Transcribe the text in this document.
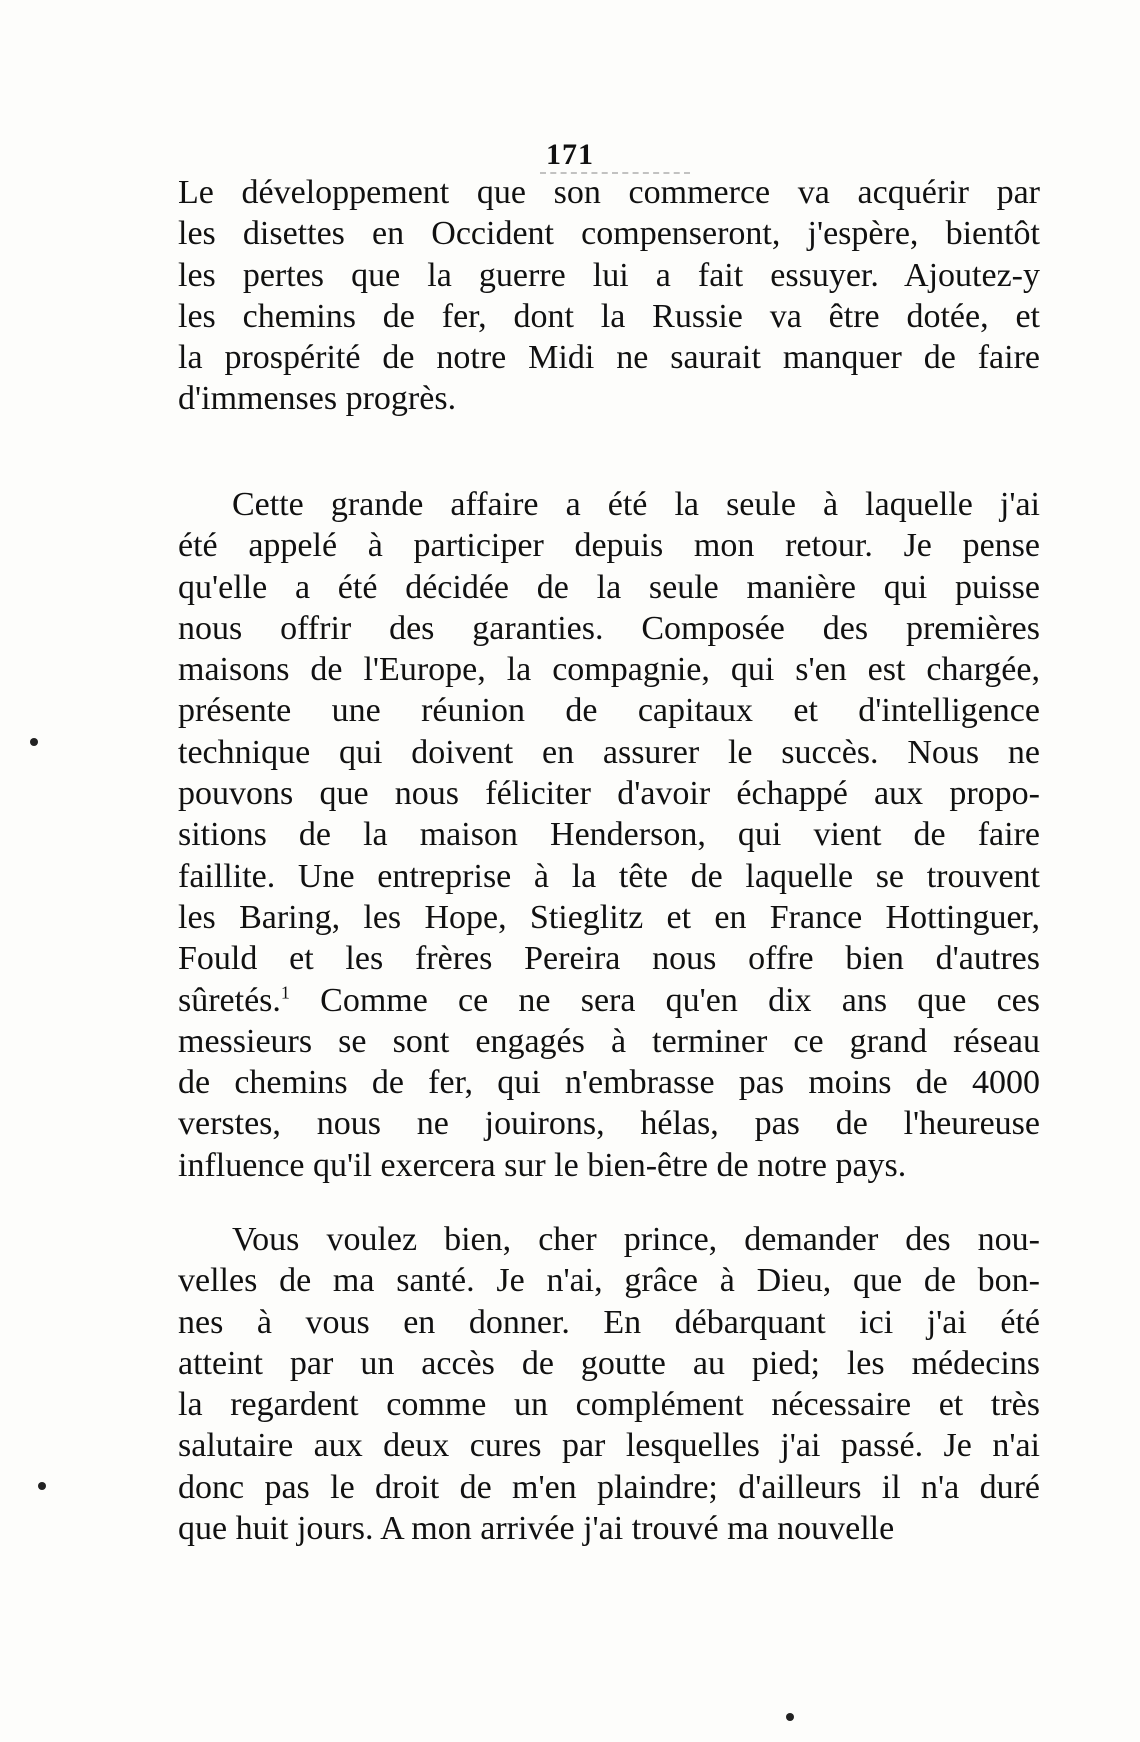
171
Le développement que son commerce va acquérir par
les disettes en Occident compenseront, j'espère, bientôt
les pertes que la guerre lui a fait essuyer. Ajoutez-y
les chemins de fer, dont la Russie va être dotée, et
la prospérité de notre Midi ne saurait manquer de faire
d'immenses progrès.
Cette grande affaire a été la seule à laquelle j'ai
été appelé à participer depuis mon retour. Je pense
qu'elle a été décidée de la seule manière qui puisse
nous offrir des garanties. Composée des premières
maisons de l'Europe, la compagnie, qui s'en est chargée,
présente une réunion de capitaux et d'intelligence
technique qui doivent en assurer le succès. Nous ne
pouvons que nous féliciter d'avoir échappé aux propo-
sitions de la maison Henderson, qui vient de faire
faillite. Une entreprise à la tête de laquelle se trouvent
les Baring, les Hope, Stieglitz et en France Hottinguer,
Fould et les frères Pereira nous offre bien d'autres
sûretés.$^1$ Comme ce ne sera qu'en dix ans que ces
messieurs se sont engagés à terminer ce grand réseau
de chemins de fer, qui n'embrasse pas moins de 4000
verstes, nous ne jouirons, hélas, pas de l'heureuse
influence qu'il exercera sur le bien-être de notre pays.
Vous voulez bien, cher prince, demander des nou-
velles de ma santé. Je n'ai, grâce à Dieu, que de bon-
nes à vous en donner. En débarquant ici j'ai été
atteint par un accès de goutte au pied; les médecins
la regardent comme un complément nécessaire et très
salutaire aux deux cures par lesquelles j'ai passé. Je n'ai
donc pas le droit de m'en plaindre; d'ailleurs il n'a duré
que huit jours. A mon arrivée j'ai trouvé ma nouvelle
